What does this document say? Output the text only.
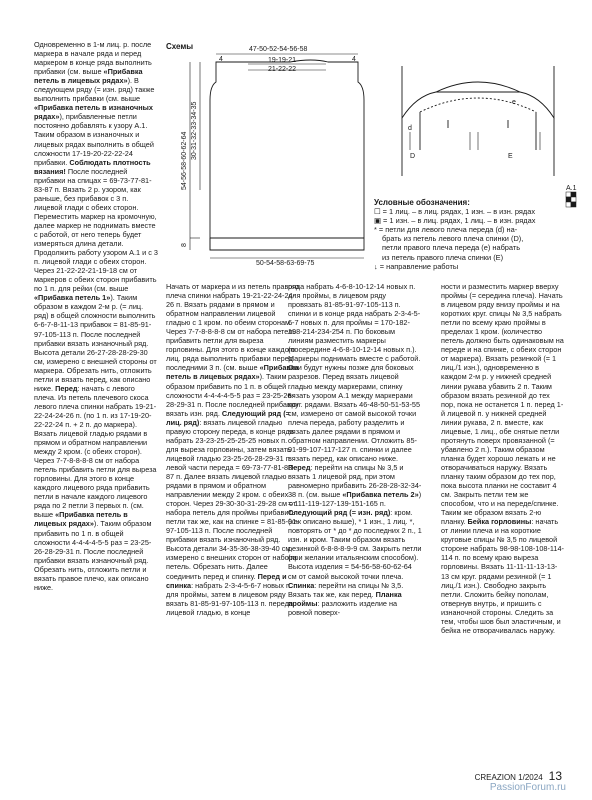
Одновременно в 1-м лиц. р. после маркера в начале ряда и перед маркером в конце ряда выполнить прибавки (см. выше «Прибавка петель в лицевых рядах»). В следующем ряду (= изн. ряд) также выполнить прибавки (см. выше «Прибавка петель в изнаночных рядах»), прибавленные петли постоянно добавлять к узору А.1. Таким образом в изнаночных и лицевых рядах выполнить в общей сложности 17-19-20-22-22-24 прибавки. Соблюдать плотность вязания! После последней прибавки на спицах = 69-73-77-81-83-87 п. Вязать 2 р. узором, как раньше, без прибавок с 3 п. лицевой глади с обеих сторон. Переместить маркер на кромочную, далее маркер не поднимать вместе с работой, от него теперь будет измеряться длина детали. Продолжить работу узором А.1 и с 3 п. лицевой глади с обеих сторон. Через 21-22-22-21-19-18 см от маркеров с обеих сторон прибавить по 1 п. для рейки (см. выше «Прибавка петель 1»). Таким образом в каждом 2-м р. (= лиц. ряд) в общей сложности выполнить 6-6-7-8-11-13 прибавок = 81-85-91-97-105-113 п. После последней прибавки вязать изнаночный ряд. Высота детали 26-27-28-28-29-30 см, измерено с внешней стороны от маркера. Обрезать нить, отложить петли и вязать перед, как описано ниже. Перед: начать с левого плеча. Из петель плечевого скоса левого плеча спинки набрать 19-21-22-24-24-26 п. (по 1 п. из 17-19-20-22-22-24 п. + 2 п. до маркера). Вязать лицевой гладью рядами в прямом и обратном направлении между 2 кром. (с обеих сторон). Через 7-7-8-8-8-8 см от набора петель прибавить петли для выреза горловины. Для этого в конце каждого лицевого ряда прибавить петли в начале каждого лицевого ряда по 2 петли 3 первых п. (см. выше «Прибавка петель в лицевых рядах»). Таким образом прибавить по 1 п. в общей сложности 4-4-4-4-5-5 раз = 23-25-26-28-29-31 п. После последней прибавки вязать изнаночный ряд. Обрезать нить, отложить петли и вязать правое плечо, как описано ниже.

Начать от маркера и из петель правого плеча спинки набрать 19-21-22-24-24-26 п. Вязать рядами в прямом и обратном направлении лицевой гладью с 1 кром. по обеим сторонам. Через 7-7-8-8-8-8 см от набора петель прибавить петли для выреза горловины. Для этого в конце каждого лиц. ряда выполнить прибавки перед последними 3 п. (см. выше «Прибавка петель в лицевых рядах»). Таким образом прибавить по 1 п. в общей сложности 4-4-4-4-5-5 раз = 23-25-26-28-29-31 п. После последней прибавки вязать изн. ряд. Следующий ряд (= лиц. ряд): вязать лицевой гладью правую сторону переда, в конце ряда набрать 23-23-25-25-25-25 новых п. для выреза горловины, затем вязать лицевой гладью 23-25-26-28-29-31 п. левой части переда = 69-73-77-81-83-87 п. Далее вязать лицевой гладью рядами в прямом и обратном направлении между 2 кром. с обеих сторон. Через 29-30-30-31-29-28 см от набора петель для проймы прибавить петли так же, как на спинке = 81-85-91-97-105-113 п. После последней прибавки вязать изнаночный ряд. Высота детали 34-35-36-38-39-40 см, измерено с внешних сторон от набора петель. Обрезать нить. Далее соединить перед и спинку. Перед и спинка: набрать 2-3-4-5-6-7 новых п. для проймы, затем в лицевом ряду вязать 81-85-91-97-105-113 п. переда лицевой гладью, в конце

ряда набрать 4-6-8-10-12-14 новых п. для проймы, в лицевом ряду провязать 81-85-91-97-105-113 п. спинки и в конце ряда набрать 2-3-4-5-6-7 новых п. для проймы = 170-182-198-214-234-254 п. По боковым линиям разместить маркеры (посередине 4-6-8-10-12-14 новых п.). Маркеры поднимать вместе с работой. Они будут нужны позже для боковых разрезов. Перед вязать лицевой гладью между маркерами, спинку вязать узором А.1 между маркерами круг. рядами. Вязать 46-48-50-51-53-55 см, измерено от самой высокой точки плеча переда, работу разделить и вязать далее рядами в прямом и обратном направлении. Отложить 85-91-99-107-117-127 п. спинки и далее вязать перед, как описано ниже. Перед: перейти на спицы № 3,5 и вязать 1 лицевой ряд, при этом равномерно прибавить 26-28-28-32-34-38 п. (см. выше «Прибавка петель 2») = 111-119-127-139-151-165 п. Следующий ряд (= изн. ряд): кром. (как описано выше), * 1 изн., 1 лиц. *, повторять от * до * до последних 2 п., 1 изн. и кром. Таким образом вязать резинкой 6-8-8-8-9-9 см. Закрыть петли (при желании итальянским способом). Высота изделия = 54-56-58-60-62-64 см от самой высокой точки плеча. Спинка: перейти на спицы № 3,5. Вязать так же, как перед. Планка проймы: разложить изделие на ровной поверх-

ности и разместить маркер вверху проймы (= середина плеча). Начать в лицевом ряду внизу проймы и на коротких круг. спицы № 3,5 набрать петли по всему краю проймы в пределах 1 кром. (количество петель должно быть одинаковым на переде и на спинке, с обеих сторон от маркера). Вязать резинкой (= 1 лиц./1 изн.), одновременно в каждом 2-м р. у нижней средней линии рукава убавить 2 п. Таким образом вязать резинкой до тех пор, пока не останется 1 п. перед 1-й лицевой п. у нижней средней линии рукава, 2 п. вместе, как лицевые, 1 лиц., обе снятые петли протянуть поверх провязанной (= убавлено 2 п.). Таким образом планка будет хорошо лежать и не отворачиваться наружу. Вязать планку таким образом до тех пор, пока высота планки не составит 4 см. Закрыть петли тем же способом, что и на переде/спинке. Таким же образом вязать 2-ю планку. Бейка горловины: начать от линии плеча и на короткие круговые спицы № 3,5 по лицевой стороне набрать 98-98-108-108-114-114 п. по всему краю выреза горловины. Вязать 11-11-11-13-13-13 см круг. рядами резинкой (= 1 лиц./1 изн.). Свободно закрыть петли. Сложить бейку пополам, отвернув внутрь, и пришить с изнаночной стороны. Следить за тем, чтобы шов был эластичным, и бейка не отворачивалась наружу.

Схемы	47-50-52-54-56-58
19-19-21
21-22-22
4	4
50-54-58-63-69-75
54-56-58-60-62-64
30-31-32-33-34-35
8
d
e
D	E
A.1
Условные обозначения:
☐ = 1 лиц. – в лиц. рядах, 1 изн. – в изн. рядах
▣ = 1 изн. – в лиц. рядах, 1 лиц. – в изн. рядах
* = петли для левого плеча переда (d) на-
брать из петель левого плеча спинки (D),
петли правого плеча переда (e) набрать
из петель правого плеча спинки (E)
↓ = направление работы
CREAZION 1/2024 13
PassionForum.ru
